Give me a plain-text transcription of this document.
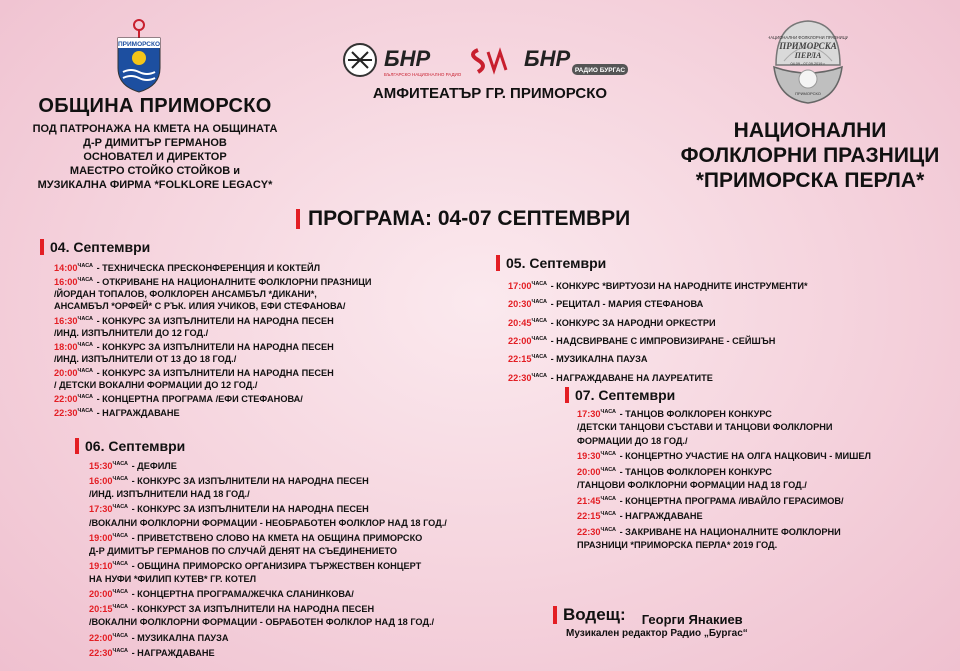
ПРИМОРСКО
ОБЩИНА ПРИМОРСКО
ПОД ПАТРОНАЖА НА КМЕТА НА ОБЩИНАТА
Д-Р ДИМИТЪР ГЕРМАНОВ
ОСНОВАТЕЛ И ДИРЕКТОР
МАЕСТРО СТОЙКО СТОЙКОВ и
МУЗИКАЛНА ФИРМА *FOLKLORE LEGACY*
БНР
БЪЛГАРСКО НАЦИОНАЛНО РАДИО
БНР РАДИО БУРГАС
АМФИТЕАТЪР ГР. ПРИМОРСКО
НАЦИОНАЛНИ ФОЛКЛОРНИ ПРАЗНИЦИ
ПРИМОРСКА
ПЕРЛА
04.09 - 07.09.2019 г.
ПРИМОРСКО
НАЦИОНАЛНИ
ФОЛКЛОРНИ ПРАЗНИЦИ
*ПРИМОРСКА ПЕРЛА*
ПРОГРАМА: 04-07 СЕПТЕМВРИ
04. Септември
$14:00^{ЧАСА}$ - ТЕХНИЧЕСКА ПРЕСКОНФЕРЕНЦИЯ И КОКТЕЙЛ
$16:00^{ЧАСА}$ - ОТКРИВАНЕ НА НАЦИОНАЛНИТЕ ФОЛКЛОРНИ ПРАЗНИЦИ
/ЙОРДАН ТОПАЛОВ, ФОЛКЛОРЕН АНСАМБЪЛ *ДИКАНИ*,
АНСАМБЪЛ *ОРФЕЙ* С РЪК. ИЛИЯ УЧИКОВ, ЕФИ СТЕФАНОВА/
$16:30^{ЧАСА}$ - КОНКУРС ЗА ИЗПЪЛНИТЕЛИ НА НАРОДНА ПЕСЕН
/ИНД. ИЗПЪЛНИТЕЛИ ДО 12 ГОД./
$18:00^{ЧАСА}$ - КОНКУРС ЗА ИЗПЪЛНИТЕЛИ НА НАРОДНА ПЕСЕН
/ИНД. ИЗПЪЛНИТЕЛИ ОТ 13 ДО 18 ГОД./
$20:00^{ЧАСА}$ - КОНКУРС ЗА ИЗПЪЛНИТЕЛИ НА НАРОДНА ПЕСЕН
/ ДЕТСКИ ВОКАЛНИ ФОРМАЦИИ ДО 12 ГОД./
$22:00^{ЧАСА}$ - КОНЦЕРТНА ПРОГРАМА /ЕФИ СТЕФАНОВА/
$22:30^{ЧАСА}$ - НАГРАЖДАВАНЕ
05. Септември
$17:00^{ЧАСА}$ - КОНКУРС *ВИРТУОЗИ НА НАРОДНИТЕ ИНСТРУМЕНТИ*
$20:30^{ЧАСА}$ - РЕЦИТАЛ - МАРИЯ СТЕФАНОВА
$20:45^{ЧАСА}$ - КОНКУРС ЗА НАРОДНИ ОРКЕСТРИ
$22:00^{ЧАСА}$ - НАДСВИРВАНЕ С ИМПРОВИЗИРАНЕ - СЕЙШЪН
$22:15^{ЧАСА}$ - МУЗИКАЛНА ПАУЗА
$22:30^{ЧАСА}$ - НАГРАЖДАВАНЕ НА ЛАУРЕАТИТЕ
06. Септември
$15:30^{ЧАСА}$ - ДЕФИЛЕ
$16:00^{ЧАСА}$ - КОНКУРС ЗА ИЗПЪЛНИТЕЛИ НА НАРОДНА ПЕСЕН
/ИНД. ИЗПЪЛНИТЕЛИ НАД 18 ГОД./
$17:30^{ЧАСА}$ - КОНКУРС ЗА ИЗПЪЛНИТЕЛИ НА НАРОДНА ПЕСЕН
/ВОКАЛНИ ФОЛКЛОРНИ ФОРМАЦИИ - НЕОБРАБОТЕН ФОЛКЛОР НАД 18 ГОД./
$19:00^{ЧАСА}$ - ПРИВЕТСТВЕНО СЛОВО НА КМЕТА НА ОБЩИНА ПРИМОРСКО
Д-Р ДИМИТЪР ГЕРМАНОВ ПО СЛУЧАЙ ДЕНЯТ НА СЪЕДИНЕНИЕТО
$19:10^{ЧАСА}$ - ОБЩИНА ПРИМОРСКО ОРГАНИЗИРА ТЪРЖЕСТВЕН КОНЦЕРТ
НА НУФИ *ФИЛИП КУТЕВ* ГР. КОТЕЛ
$20:00^{ЧАСА}$ - КОНЦЕРТНА ПРОГРАМА/ЖЕЧКА СЛАНИНКОВА/
$20:15^{ЧАСА}$ - КОНКУРСТ ЗА ИЗПЪЛНИТЕЛИ НА НАРОДНА ПЕСЕН
/ВОКАЛНИ ФОЛКЛОРНИ ФОРМАЦИИ - ОБРАБОТЕН ФОЛКЛОР НАД 18 ГОД./
$22:00^{ЧАСА}$ - МУЗИКАЛНА ПАУЗА
$22:30^{ЧАСА}$ - НАГРАЖДАВАНЕ
07. Септември
$17:30^{ЧАСА}$ - ТАНЦОВ ФОЛКЛОРЕН КОНКУРС
/ДЕТСКИ ТАНЦОВИ СЪСТАВИ И ТАНЦОВИ ФОЛКЛОРНИ
ФОРМАЦИИ ДО 18 ГОД./
$19:30^{ЧАСА}$ - КОНЦЕРТНО УЧАСТИЕ НА ОЛГА НАЦКОВИЧ - МИШЕЛ
$20:00^{ЧАСА}$ - ТАНЦОВ ФОЛКЛОРЕН КОНКУРС
/ТАНЦОВИ ФОЛКЛОРНИ ФОРМАЦИИ НАД 18 ГОД./
$21:45^{ЧАСА}$ - КОНЦЕРТНА ПРОГРАМА /ИВАЙЛО ГЕРАСИМОВ/
$22:15^{ЧАСА}$ - НАГРАЖДАВАНЕ
$22:30^{ЧАСА}$ - ЗАКРИВАНЕ НА НАЦИОНАЛНИТЕ ФОЛКЛОРНИ
ПРАЗНИЦИ *ПРИМОРСКА ПЕРЛА* 2019 ГОД.
Водещ: Георги Янакиев
Музикален редактор Радио „Бургас“
